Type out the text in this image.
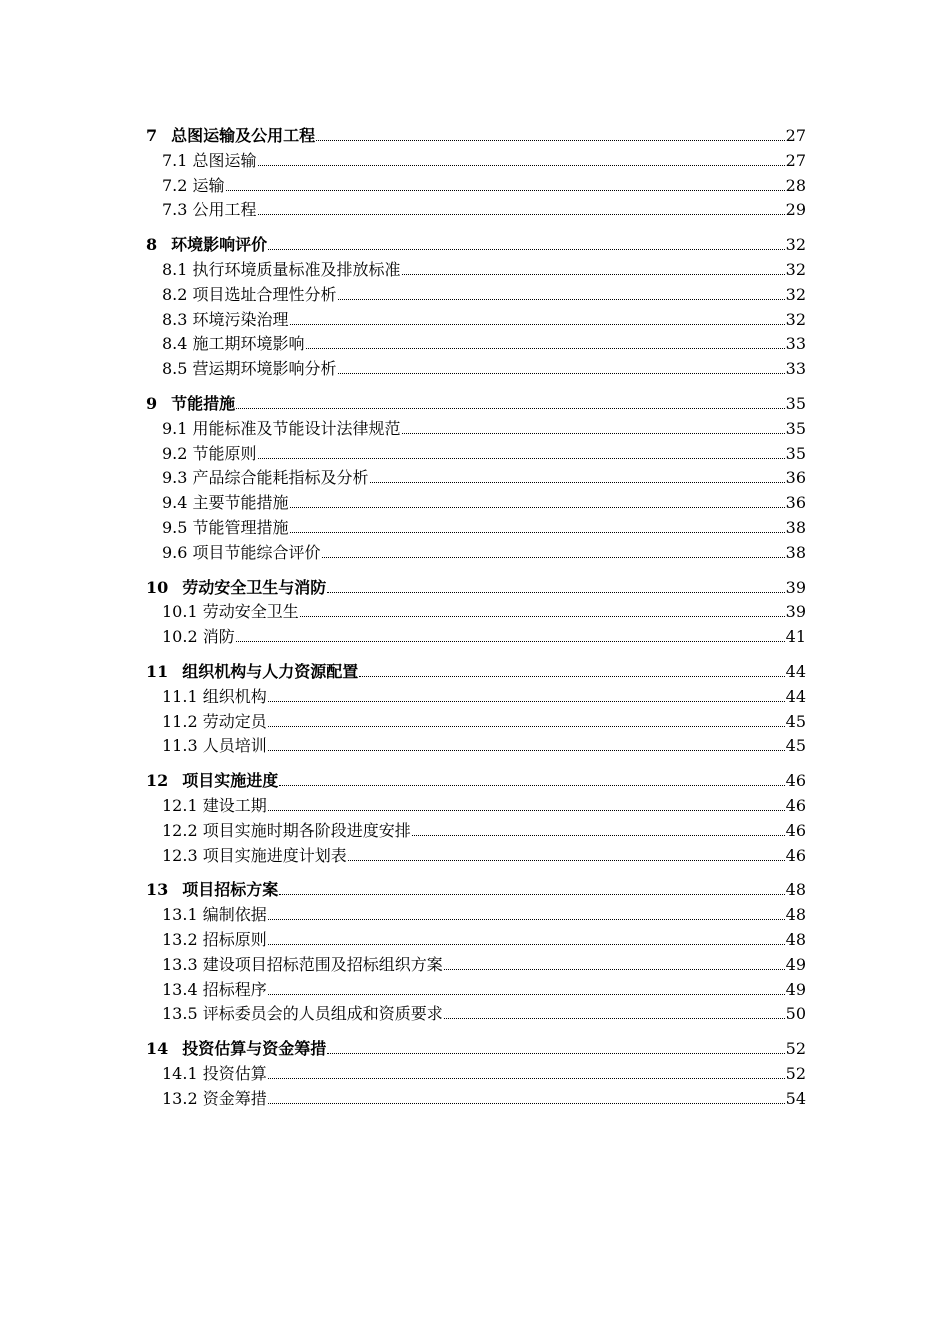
7 总图运输及公用工程	27
7.1 总图运输	27
7.2 运输	28
7.3 公用工程	29
8 环境影响评价	32
8.1 执行环境质量标准及排放标准	32
8.2 项目选址合理性分析	32
8.3 环境污染治理	32
8.4 施工期环境影响	33
8.5 营运期环境影响分析	33
9 节能措施	35
9.1 用能标准及节能设计法律规范	35
9.2 节能原则	35
9.3 产品综合能耗指标及分析	36
9.4 主要节能措施	36
9.5 节能管理措施	38
9.6 项目节能综合评价	38
10 劳动安全卫生与消防	39
10.1 劳动安全卫生	39
10.2 消防	41
11 组织机构与人力资源配置	44
11.1 组织机构	44
11.2 劳动定员	45
11.3 人员培训	45
12 项目实施进度	46
12.1 建设工期	46
12.2 项目实施时期各阶段进度安排	46
12.3 项目实施进度计划表	46
13 项目招标方案	48
13.1 编制依据	48
13.2 招标原则	48
13.3 建设项目招标范围及招标组织方案	49
13.4 招标程序	49
13.5 评标委员会的人员组成和资质要求	50
14 投资估算与资金筹措	52
14.1 投资估算	52
13.2 资金筹措	54
